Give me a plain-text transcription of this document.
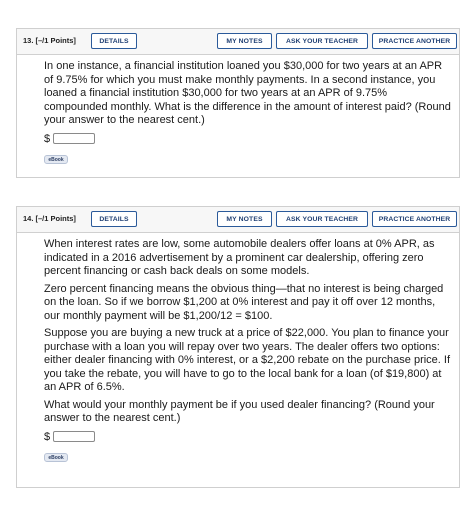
13. [–/1 Points]	DETAILS	MY NOTES	ASK YOUR TEACHER	PRACTICE ANOTHER

In one instance, a financial institution loaned you $30,000 for two years at an APR of 9.75% for which you must make monthly payments. In a second instance, you loaned a financial institution $30,000 for two years at an APR of 9.75% compounded monthly. What is the difference in the amount of interest paid? (Round your answer to the nearest cent.)

$
eBook
14. [–/1 Points]	DETAILS	MY NOTES	ASK YOUR TEACHER	PRACTICE ANOTHER

When interest rates are low, some automobile dealers offer loans at 0% APR, as indicated in a 2016 advertisement by a prominent car dealership, offering zero percent financing or cash back deals on some models.

Zero percent financing means the obvious thing—that no interest is being charged on the loan. So if we borrow $1,200 at 0% interest and pay it off over 12 months, our monthly payment will be $1,200/12 = $100.

Suppose you are buying a new truck at a price of $22,000. You plan to finance your purchase with a loan you will repay over two years. The dealer offers two options: either dealer financing with 0% interest, or a $2,200 rebate on the purchase price. If you take the rebate, you will have to go to the local bank for a loan (of $19,800) at an APR of 6.5%.

What would your monthly payment be if you used dealer financing? (Round your answer to the nearest cent.)

$
eBook
